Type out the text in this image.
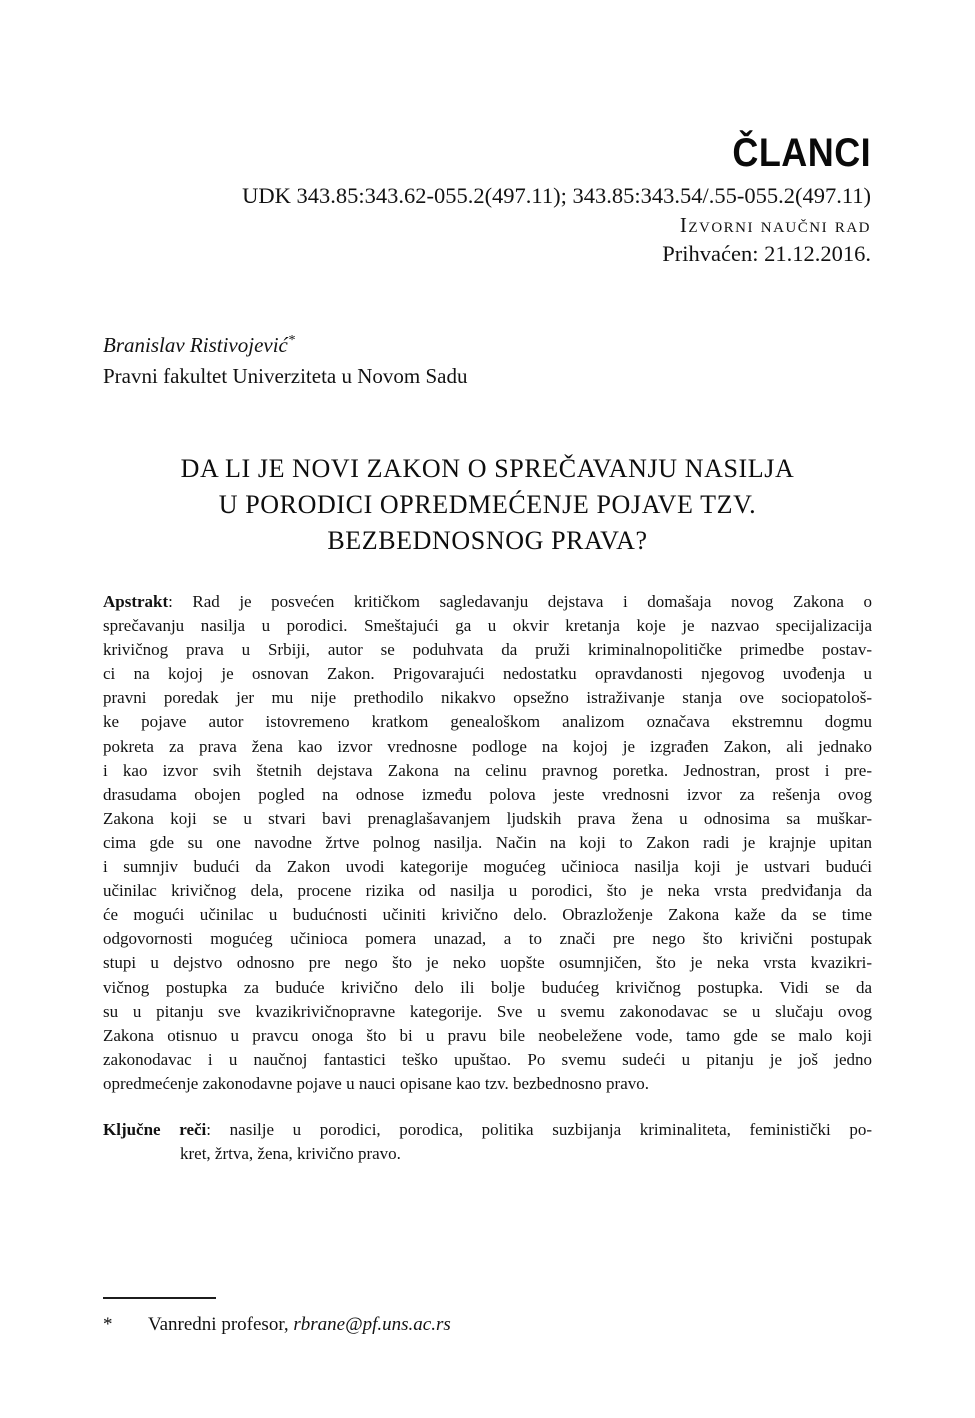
ČLANCI
UDK 343.85:343.62-055.2(497.11); 343.85:343.54/.55-055.2(497.11)
Izvorni naučni rad
Prihvaćen: 21.12.2016.
Branislav Ristivojević*
Pravni fakultet Univerziteta u Novom Sadu
DA LI JE NOVI ZAKON O SPREČAVANJU NASILJA
U PORODICI OPREDMEĆENJE POJAVE TZV.
BEZBEDNOSNOG PRAVA?
Apstrakt: Rad je posvećen kritičkom sagledavanju dejstava i domašaja novog Zakona o
sprečavanju nasilja u porodici. Smeštajući ga u okvir kretanja koje je nazvao specijalizacija
krivičnog prava u Srbiji, autor se poduhvata da pruži kriminalnopolitičke primedbe postav-
ci na kojoj je osnovan Zakon. Prigovarajući nedostatku opravdanosti njegovog uvođenja u
pravni poredak jer mu nije prethodilo nikakvo opsežno istraživanje stanja ove sociopatološ-
ke pojave autor istovremeno kratkom genealoškom analizom označava ekstremnu dogmu
pokreta za prava žena kao izvor vrednosne podloge na kojoj je izgrađen Zakon, ali jednako
i kao izvor svih štetnih dejstava Zakona na celinu pravnog poretka. Jednostran, prost i pre-
drasudama obojen pogled na odnose između polova jeste vrednosni izvor za rešenja ovog
Zakona koji se u stvari bavi prenaglašavanjem ljudskih prava žena u odnosima sa muškar-
cima gde su one navodne žrtve polnog nasilja. Način na koji to Zakon radi je krajnje upitan
i sumnjiv budući da Zakon uvodi kategorije mogućeg učinioca nasilja koji je ustvari budući
učinilac krivičnog dela, procene rizika od nasilja u porodici, što je neka vrsta predviđanja da
će mogući učinilac u budućnosti učiniti krivično delo. Obrazloženje Zakona kaže da se time
odgovornosti mogućeg učinioca pomera unazad, a to znači pre nego što krivični postupak
stupi u dejstvo odnosno pre nego što je neko uopšte osumnjičen, što je neka vrsta kvazikri-
vičnog postupka za buduće krivično delo ili bolje budućeg krivičnog postupka. Vidi se da
su u pitanju sve kvazikrivičnopravne kategorije. Sve u svemu zakonodavac se u slučaju ovog
Zakona otisnuo u pravcu onoga što bi u pravu bile neobeležene vode, tamo gde se malo koji
zakonodavac i u naučnoj fantastici teško upuštao. Po svemu sudeći u pitanju je još jedno
opredmećenje zakonodavne pojave u nauci opisane kao tzv. bezbednosno pravo.
Ključne reči: nasilje u porodici, porodica, politika suzbijanja kriminaliteta, feministički po-
kret, žrtva, žena, krivično pravo.
*	Vanredni profesor, rbrane@pf.uns.ac.rs
